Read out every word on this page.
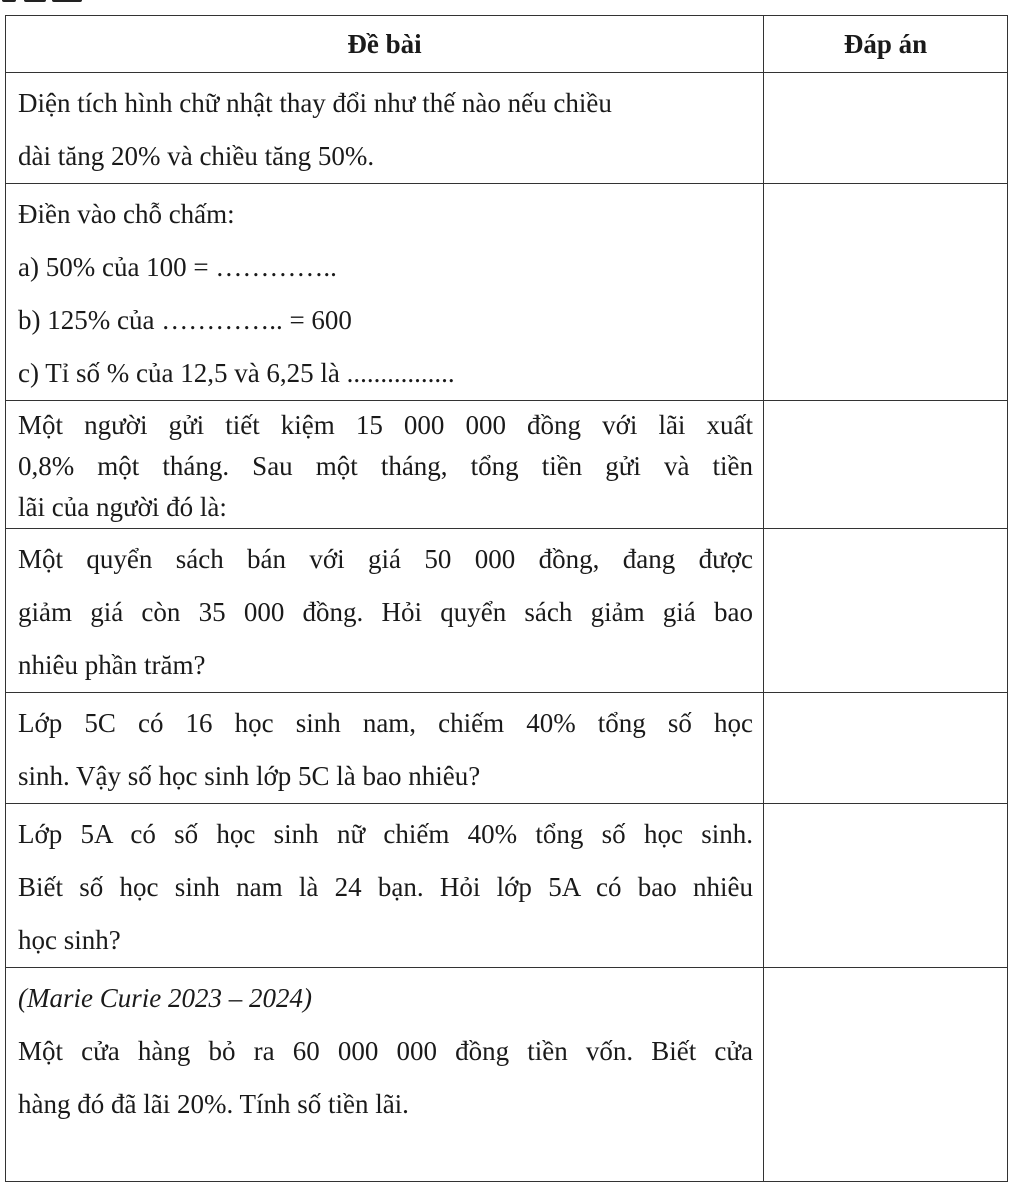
Đề bài	Đáp án

Diện tích hình chữ nhật thay đổi như thế nào nếu chiều
dài tăng 20% và chiều tăng 50%.	

Điền vào chỗ chấm:
a) 50% của 100 = …………..
b) 125% của ………….. = 600
c) Tỉ số % của 12,5 và 6,25 là ................	

Một người gửi tiết kiệm 15 000 000 đồng với lãi xuất
0,8% một tháng. Sau một tháng, tổng tiền gửi và tiền
lãi của người đó là:	

Một quyển sách bán với giá 50 000 đồng, đang được
giảm giá còn 35 000 đồng. Hỏi quyển sách giảm giá bao
nhiêu phần trăm?	

Lớp 5C có 16 học sinh nam, chiếm 40% tổng số học
sinh. Vậy số học sinh lớp 5C là bao nhiêu?	

Lớp 5A có số học sinh nữ chiếm 40% tổng số học sinh.
Biết số học sinh nam là 24 bạn. Hỏi lớp 5A có bao nhiêu
học sinh?	

(Marie Curie 2023 – 2024)
Một cửa hàng bỏ ra 60 000 000 đồng tiền vốn. Biết cửa
hàng đó đã lãi 20%. Tính số tiền lãi.	
